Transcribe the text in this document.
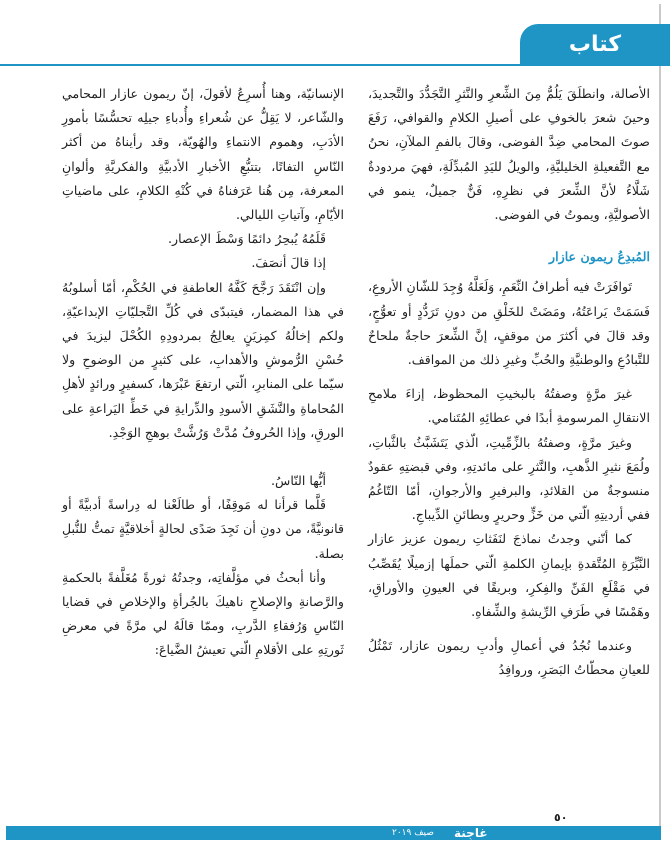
كتاب

الأصالة، وانطلَقَ يَلُمُّ مِنَ الشِّعرِ والنَّثرِ التَّجَدُّدَ والتَّجديدَ، وحينَ شعرَ بالخوفِ على أصيلِ الكلامِ والقوافي، رَفَعَ صوتَ المحامي ضِدَّ الفوضى، وقالَ بالفمِ الملآنِ، نحنُ مع التَّفعيلةِ الخليليَّةِ، والويلُ لليَدِ المُبدِّلَةِ، فهيَ مردودةٌ شَلَّاءُ لأنَّ الشِّعرَ في نظرِهِ، فَنٌّ جميلٌ، ينمو في الأصوليَّةِ، ويموتُ في الفوضى.

المُبدِعُ ريمون عازار

تَوافَرَتْ فيه أطرافُ النِّعَمِ، وَلَعَلَّهُ وُجِدَ للشّانِ الأروعِ، فَسَمَتْ يَراعَتُهُ، ومَضَتْ للخَلْقِ من دونِ تَرَدُّدٍ أو تعوُّجٍ، وقد قالَ في أكثرَ من موقفٍ، إنَّ الشِّعرَ حاجةٌ ملحاحٌ للتَّبادُعِ والوطنيَّةِ والحُبِّ وغيرِ ذلك من المواقف.

غيرَ مرَّةٍ وصفتُهُ بالبخيتِ المحظوظ، إزاءَ ملامحِ الانتقالِ المرسومةِ أبدًا في عطائِهِ المُتَنامي.

وغيرَ مرَّةٍ، وصفتُهُ بالزِّمِّيتِ، الّذي يَتَشَبَّثُ بالثَّباتِ، ولُمَعَ نثيرِ الذَّهبِ، والنَّثرِ على مائدتِهِ، وفي قبضتِهِ عقودٌ منسوجةٌ من القلائدِ، والبرفيرِ والأرجوانِ، أمّا التّاغُمُ ففي أرديتِهِ الّتي من خَزٍّ وحريرٍ وبطائنِ الدِّيباجِ.

كما أنّني وجدتُ نماذجَ لنَفَثاتِ ريمون عزيز عازار النَّيِّرَةِ المُتَّقدةِ بإيمانِ الكلمةِ الّتي حملَها إزميلًا يُقَصِّبُ في مَقْلَعِ الفَنِّ والفِكرِ، وبريقًا في العيونِ والأوراقِ، وهَمْسًا في طَرَفِ الرِّيشةِ والشِّفاهِ.

وعندما نُجُدُ في أعمالِ وأدبِ ريمون عازار، تَمْثُلُ للعيانِ محطّاتُ البَصَرِ، وروافِدُ

الإنسانيّة، وهنا أُسرِعُ لأقولَ، إنّ ريمون عازار المحامي والشّاعر، لا يَقِلُّ عن شُعراءِ وأُدباءِ جيلِه تحسُّسًا بأمورِ الأدَبِ، وهموم الانتماءِ والهُويّة، وقد رأيناهُ من أكثر النّاسِ التفاتًا، بتتبُّعِ الأخبارِ الأدبيَّةِ والفكريَّةِ وألوانِ المعرفة، مِن هُنا عَرَفناهُ في كُنْهِ الكلامِ، على ماضياتِ الأيّامِ، وآتياتِ الليالي.

قَلَمُهُ يُبحِرُ دائمًا وَسْطَ الإعصار.

إذا قالَ أنصَفَ.

وإن انْتَقَدَ رَجَّحَ كَفَّهُ العاطفةِ في الحُكْمِ، أمّا أسلوبُهُ في هذا المضمار، فيتبدّى في كُلِّ التَّجليّاتِ الإبداعيّةِ، ولكم إخالُهُ كمِزيَنٍ يعالِجُ بمردودِهِ الكُحْلَ ليزيدَ في حُسْنِ الرُّموشِ والأهدابِ، على كثيرٍ من الوضوحِ ولا سيّما على المنابرِ، الّتي ارتفعَ عَبْرَها، كسفيرٍ ورائدٍ لأهلِ المُحاماةِ والنَّشَقِ الأسودِ والدِّرايةِ في خَطِّ اليَراعةِ على الورقِ، وإذا الحُروفُ مُدَّتْ وَرُشَّتْ بوهجِ الوَجْدِ.

أيُّها النّاسُ.

قَلَّما قرأنا له مَوقِفًا، أو طالَعْنا له دِراسةً أدبيَّةً أو قانونيَّةً، من دونِ أن نَجِدَ صَدًى لحالةٍ أخلاقيَّةٍ تمتُّ للنُّبلِ بصلة.

وأنا أبحثُ في مؤلَّفاتِه، وجدتُهُ ثورةً مُغَلَّفةً بالحكمةِ والرَّصانةِ والإصلاحِ ناهيكَ بالجُرأةِ والإخلاصِ في قضايا النّاسِ وَرُفقاءِ الدَّربِ، وممّا قالَهُ لي مرَّةً في معرضِ ثَورتِهِ على الأقلامِ الّتي تعيشُ الضَّياعَ:

٥٠
غاجِنة
صيف ٢٠١٩
